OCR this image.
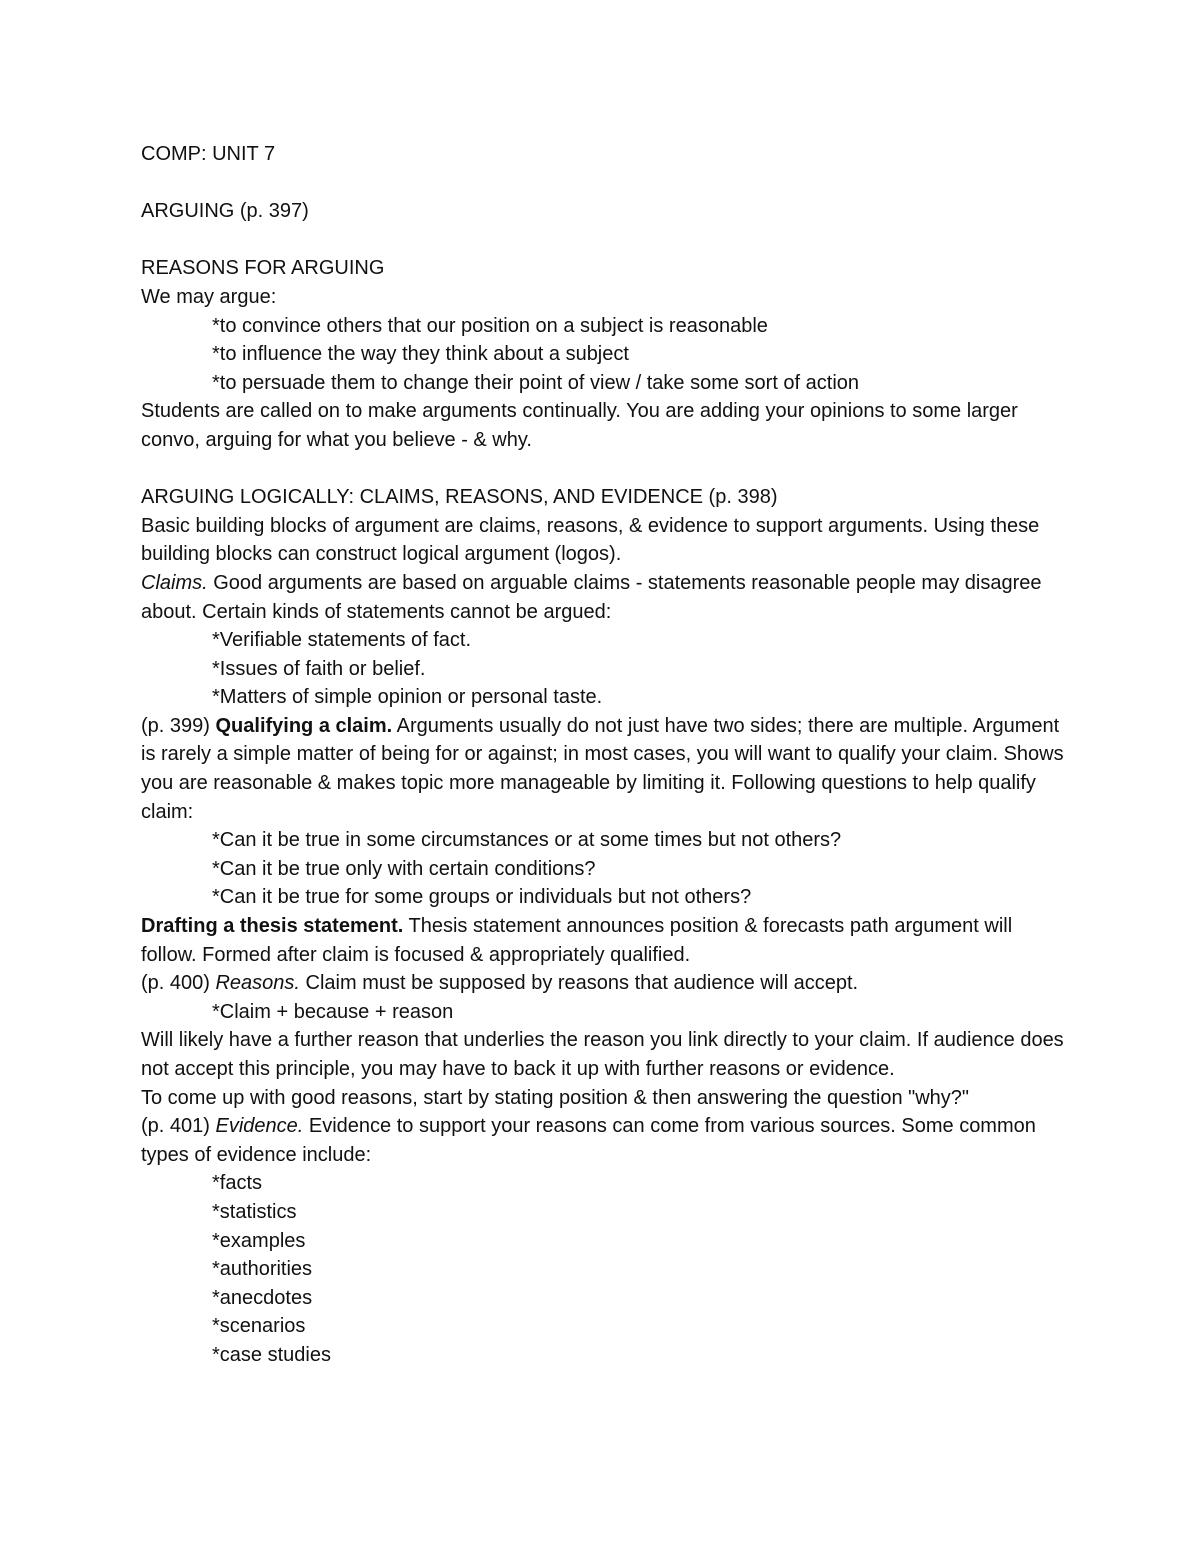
COMP: UNIT 7
ARGUING (p. 397)
REASONS FOR ARGUING
We may argue:
*to convince others that our position on a subject is reasonable
*to influence the way they think about a subject
*to persuade them to change their point of view / take some sort of action
Students are called on to make arguments continually. You are adding your opinions to some larger convo, arguing for what you believe - & why.
ARGUING LOGICALLY: CLAIMS, REASONS, AND EVIDENCE (p. 398)
Basic building blocks of argument are claims, reasons, & evidence to support arguments. Using these building blocks can construct logical argument (logos).
Claims. Good arguments are based on arguable claims - statements reasonable people may disagree about. Certain kinds of statements cannot be argued:
*Verifiable statements of fact.
*Issues of faith or belief.
*Matters of simple opinion or personal taste.
(p. 399) Qualifying a claim. Arguments usually do not just have two sides; there are multiple. Argument is rarely a simple matter of being for or against; in most cases, you will want to qualify your claim. Shows you are reasonable & makes topic more manageable by limiting it. Following questions to help qualify claim:
*Can it be true in some circumstances or at some times but not others?
*Can it be true only with certain conditions?
*Can it be true for some groups or individuals but not others?
Drafting a thesis statement. Thesis statement announces position & forecasts path argument will follow. Formed after claim is focused & appropriately qualified.
(p. 400) Reasons. Claim must be supposed by reasons that audience will accept.
*Claim + because + reason
Will likely have a further reason that underlies the reason you link directly to your claim. If audience does not accept this principle, you may have to back it up with further reasons or evidence.
To come up with good reasons, start by stating position & then answering the question "why?"
(p. 401) Evidence. Evidence to support your reasons can come from various sources. Some common types of evidence include:
*facts
*statistics
*examples
*authorities
*anecdotes
*scenarios
*case studies
